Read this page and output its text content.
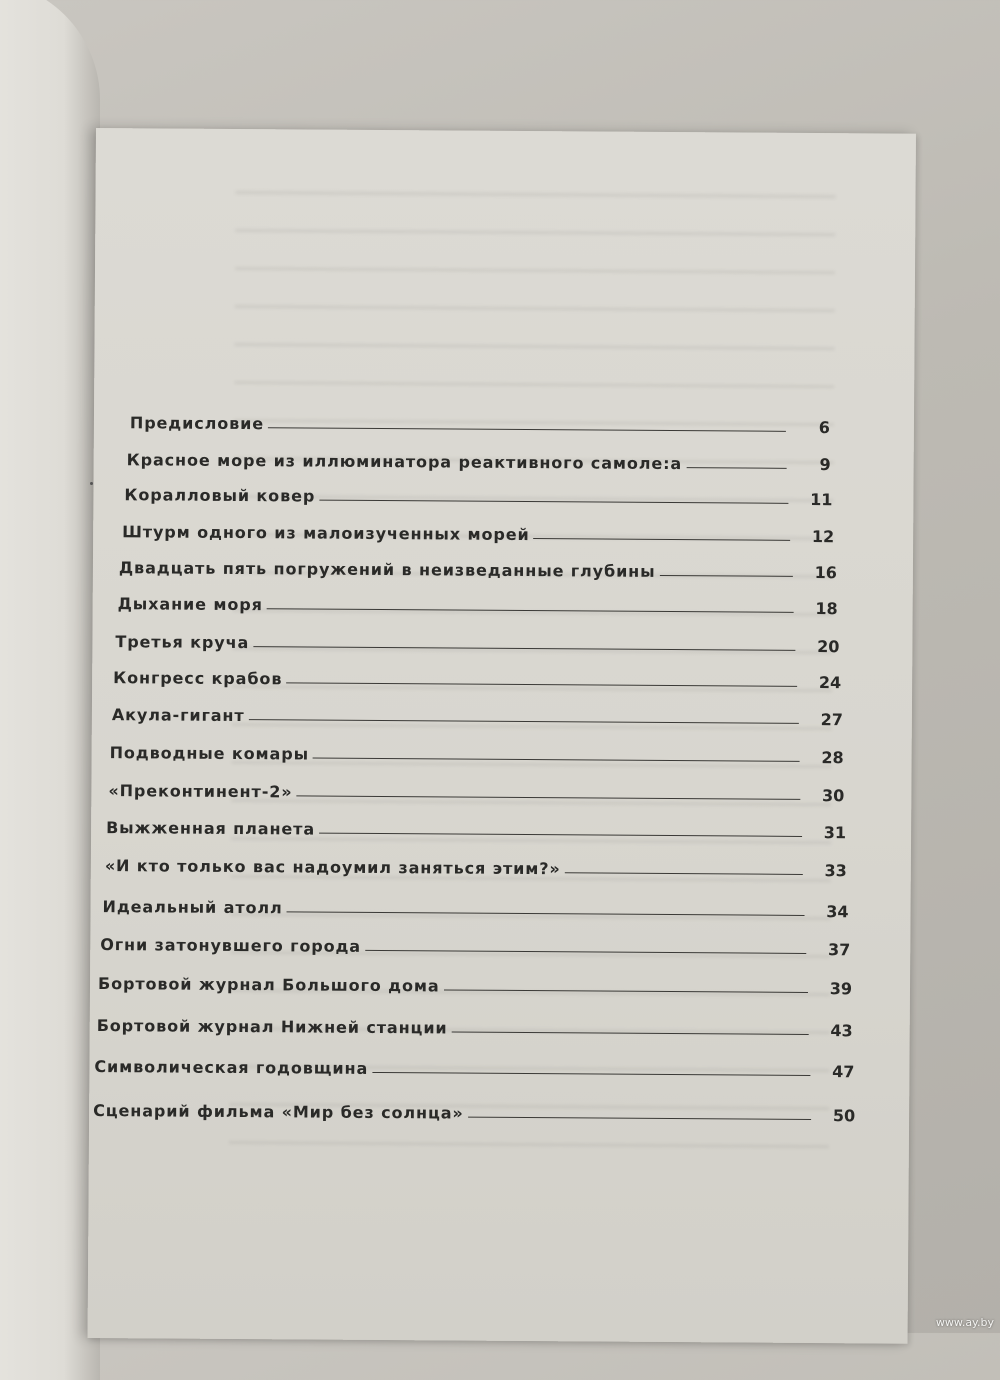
Предисловие	6
Красное море из иллюминатора реактивного самоле:а	9
Коралловый ковер	11
Штурм одного из малоизученных морей	12
Двадцать пять погружений в неизведанные глубины	16
Дыхание моря	18
Третья круча	20
Конгресс крабов	24
Акула-гигант	27
Подводные комары	28
«Преконтинент-2»	30
Выжженная планета	31
«И кто только вас надоумил заняться этим?»	33
Идеальный атолл	34
Огни затонувшего города	37
Бортовой журнал Большого дома	39
Бортовой журнал Нижней станции	43
Символическая годовщина	47
Сценарий фильма «Мир без солнца»	50
www.ay.by
